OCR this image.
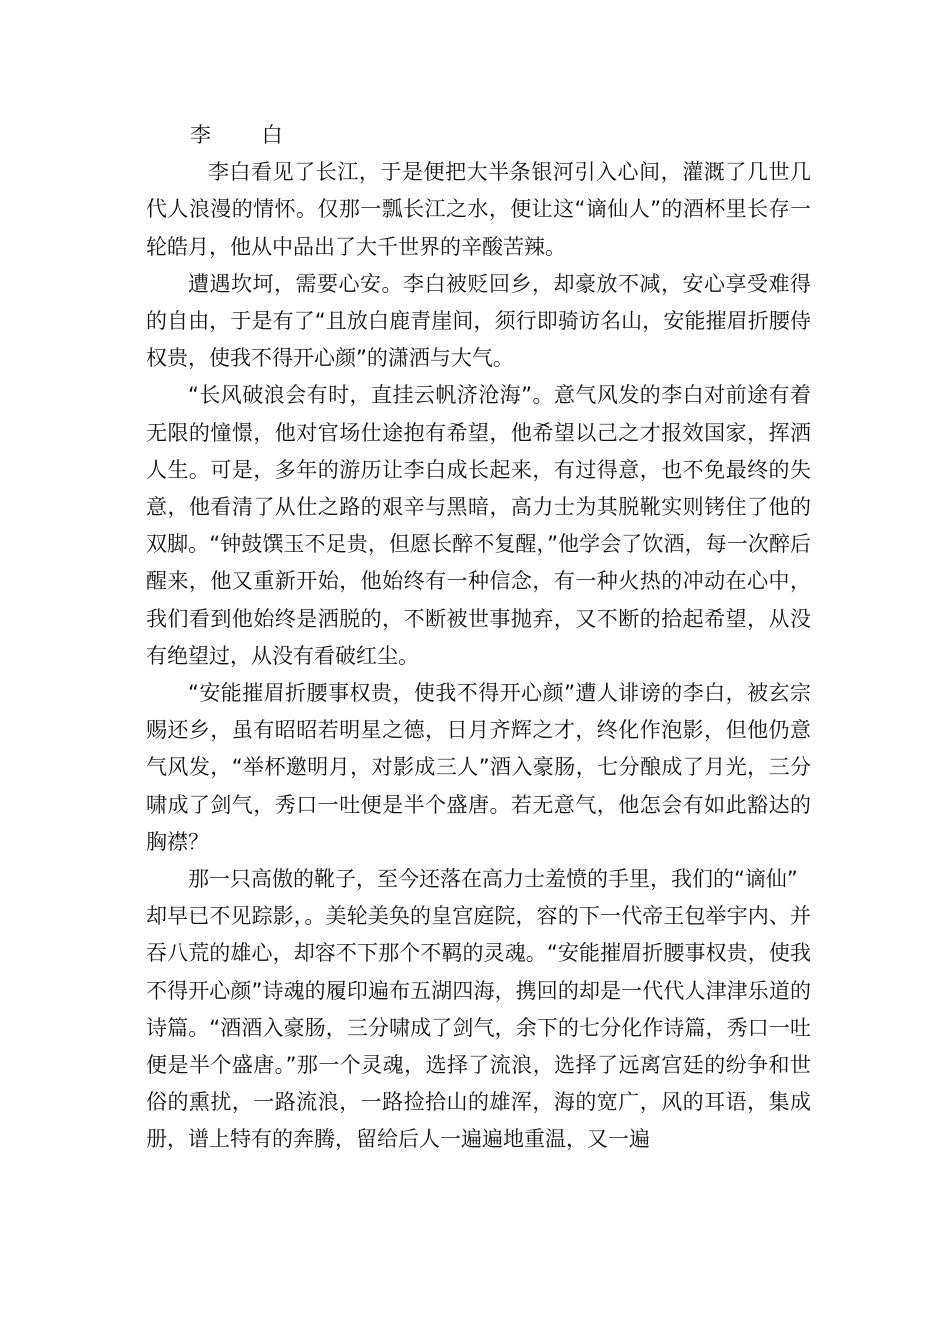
李 白

李白看见了长江，于是便把大半条银河引入心间，灌溉了几世几代人浪漫的情怀。仅那一瓢长江之水，便让这“谪仙人”的酒杯里长存一轮皓月，他从中品出了大千世界的辛酸苦辣。

遭遇坎坷，需要心安。李白被贬回乡，却豪放不减，安心享受难得的自由，于是有了“且放白鹿青崖间，须行即骑访名山，安能摧眉折腰侍权贵，使我不得开心颜”的潇洒与大气。

“长风破浪会有时，直挂云帆济沧海”。意气风发的李白对前途有着无限的憧憬，他对官场仕途抱有希望，他希望以己之才报效国家，挥洒人生。可是，多年的游历让李白成长起来，有过得意，也不免最终的失意，他看清了从仕之路的艰辛与黑暗，高力士为其脱靴实则铐住了他的双脚。“钟鼓馔玉不足贵，但愿长醉不复醒，”他学会了饮酒，每一次醉后醒来，他又重新开始，他始终有一种信念，有一种火热的冲动在心中，我们看到他始终是洒脱的，不断被世事抛弃，又不断的拾起希望，从没有绝望过，从没有看破红尘。

“安能摧眉折腰事权贵，使我不得开心颜”遭人诽谤的李白，被玄宗赐还乡，虽有昭昭若明星之德，日月齐辉之才，终化作泡影，但他仍意气风发，“举杯邀明月，对影成三人”酒入豪肠，七分酿成了月光，三分啸成了剑气，秀口一吐便是半个盛唐。若无意气，他怎会有如此豁达的胸襟？

那一只高傲的靴子，至今还落在高力士羞愤的手里，我们的“谪仙”

却早已不见踪影，。美轮美奂的皇宫庭院，容的下一代帝王包举宇内、并吞八荒的雄心，却容不下那个不羁的灵魂。“安能摧眉折腰事权贵，使我不得开心颜”诗魂的履印遍布五湖四海，携回的却是一代代人津津乐道的诗篇。“酒酒入豪肠，三分啸成了剑气，余下的七分化作诗篇，秀口一吐便是半个盛唐。”那一个灵魂，选择了流浪，选择了远离宫廷的纷争和世俗的熏扰，一路流浪，一路捡拾山的雄浑，海的宽广，风的耳语，集成册，谱上特有的奔腾，留给后人一遍遍地重温，又一遍
